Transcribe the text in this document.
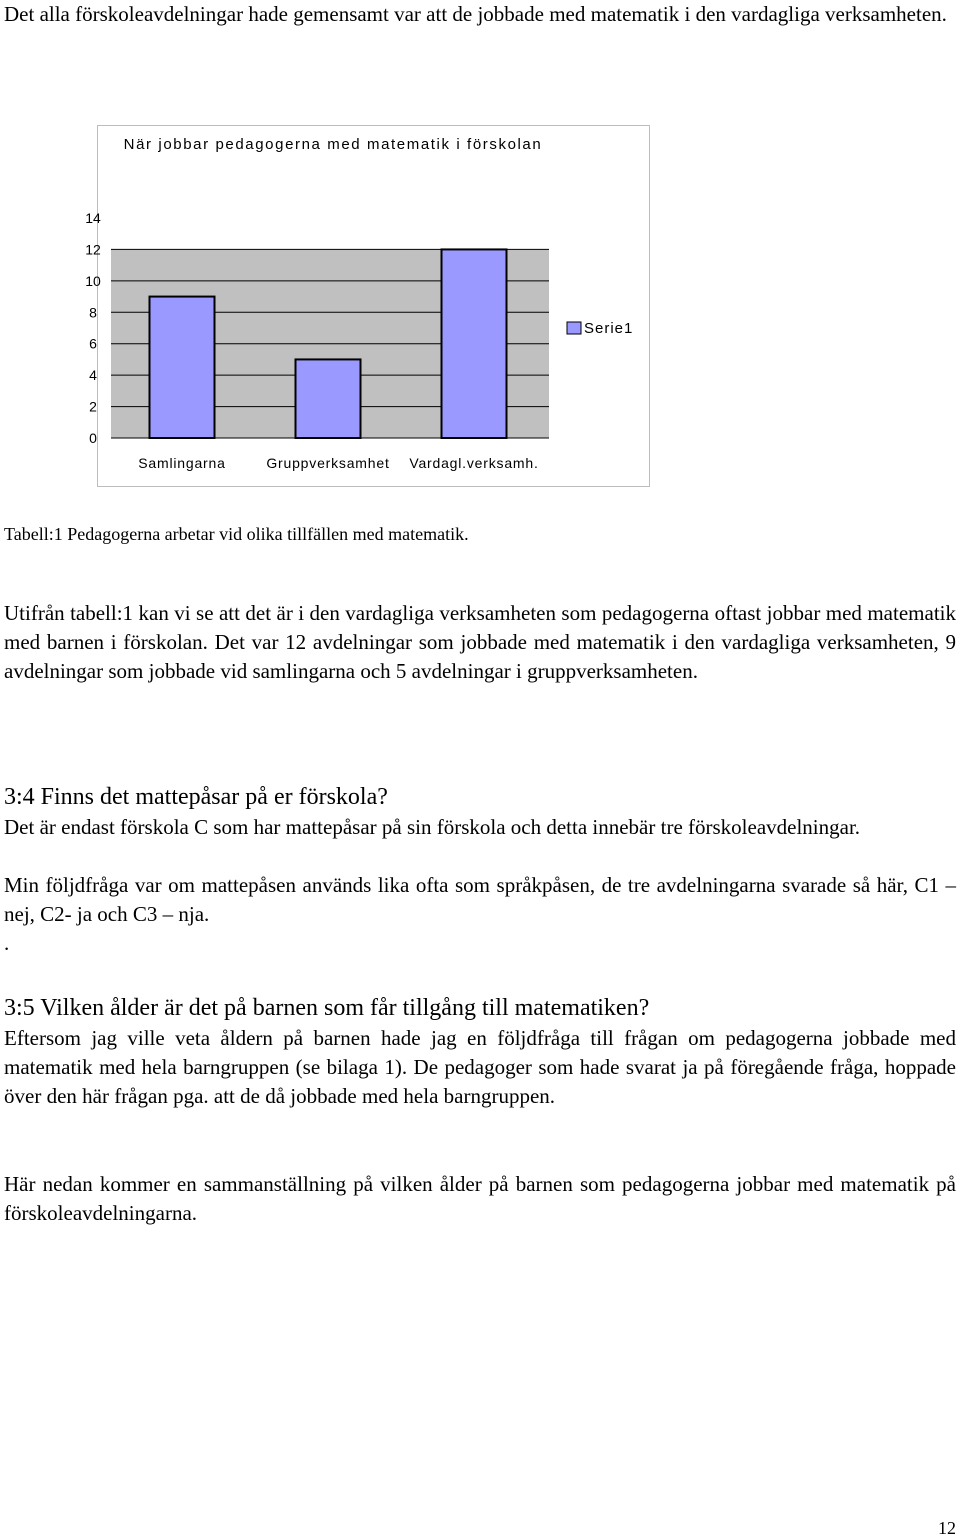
Det alla förskoleavdelningar hade gemensamt var att de jobbade med matematik i den vardagliga verksamheten.

När jobbar pedagogerna med matematik i förskolan
0
2
4
6
8
10
12
14
Samlingarna	Gruppverksamhet Vardagl.verksamh.
Serie1

Tabell:1 Pedagogerna arbetar vid olika tillfällen med matematik.

Utifrån tabell:1 kan vi se att det är i den vardagliga verksamheten som pedagogerna oftast jobbar med matematik med barnen i förskolan. Det var 12 avdelningar som jobbade med matematik i den vardagliga verksamheten, 9 avdelningar som jobbade vid samlingarna och 5 avdelningar i gruppverksamheten.

3:4 Finns det mattepåsar på er förskola?

Det är endast förskola C som har mattepåsar på sin förskola och detta innebär tre förskoleavdelningar.

Min följdfråga var om mattepåsen används lika ofta som språkpåsen, de tre avdelningarna svarade så här, C1 – nej, C2- ja och C3 – nja.

.

3:5 Vilken ålder är det på barnen som får tillgång till matematiken?

Eftersom jag ville veta åldern på barnen hade jag en följdfråga till frågan om pedagogerna jobbade med matematik med hela barngruppen (se bilaga 1). De pedagoger som hade svarat ja på föregående fråga, hoppade över den här frågan pga. att de då jobbade med hela barngruppen.

Här nedan kommer en sammanställning på vilken ålder på barnen som pedagogerna jobbar med matematik på förskoleavdelningarna.

12
